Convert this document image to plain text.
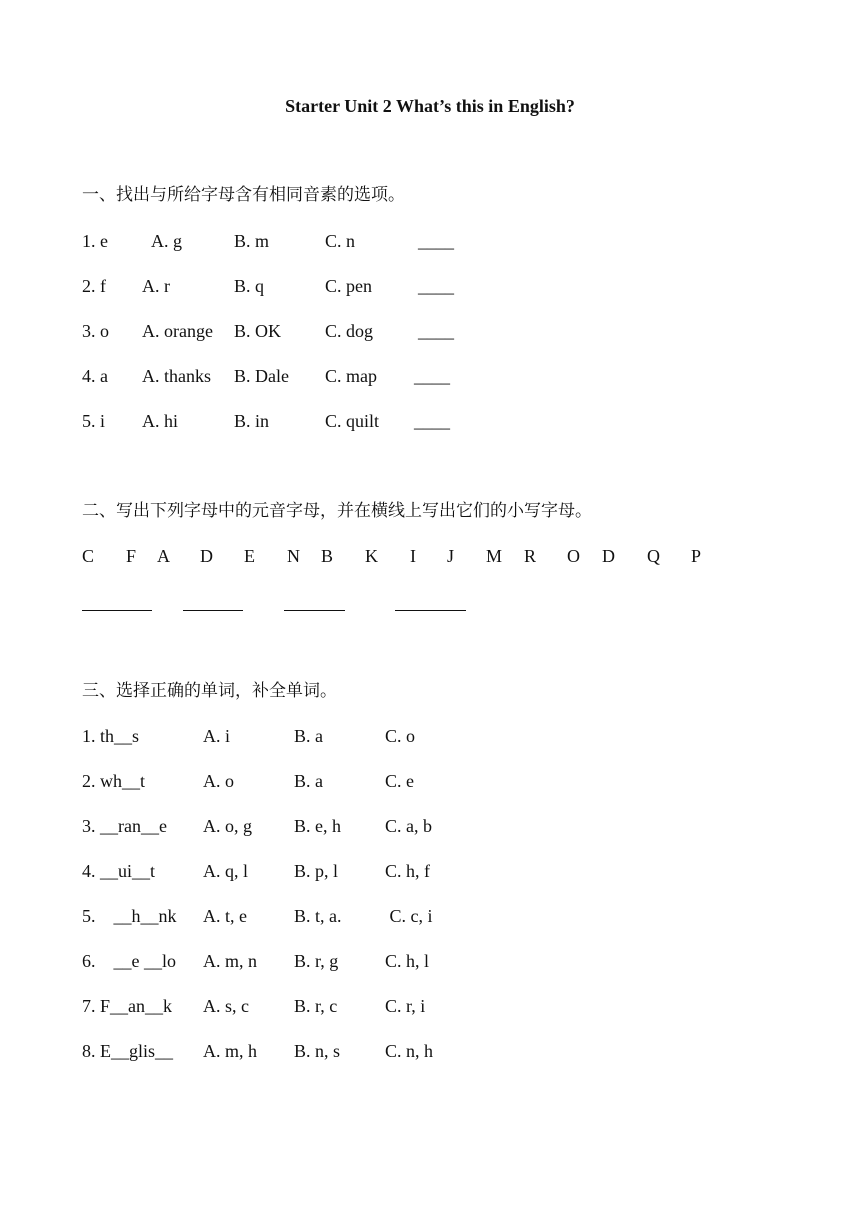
Starter Unit 2 What’s this in English?
一、找出与所给字母含有相同音素的选项。
1. e A. g	B. m	C. n	____
2. f A. r	B. q	C. pen	____
3. o A. orange B. OK C. dog ____
4. a A. thanks B. Dale C. map ____
5. i A. hi	B. in	C. quilt ____
二、写出下列字母中的元音字母，并在横线上写出它们的小写字母。
C F A D E N B K I J M R O D Q P
三、选择正确的单词，补全单词。
1. th__s	A. i	B. a	C. o
2. wh__t	A. o	B. a	C. e
3. __ran__e A. o, g B. e, h C. a, b
4. __ui__t	A. q, l	B. p, l	C. h, f
5.    __h__nk A. t, e	B. t, a. C. c, i
6.    __e __lo A. m, n B. r, g	C. h, l
7. F__an__k A. s, c	B. r, c	C. r, i
8. E__glis__ A. m, h B. n, s C. n, h
